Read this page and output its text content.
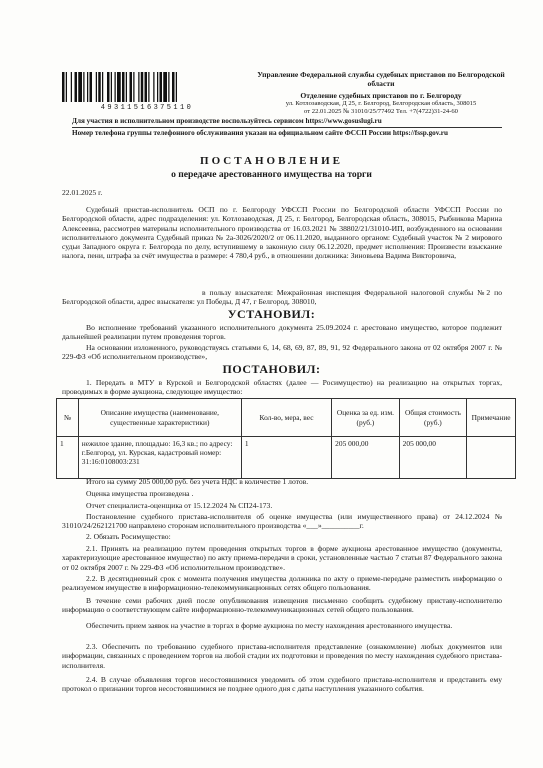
49311516375110
Управление Федеральной службы судебных приставов по Белгородской
области
Отделение судебных приставов по г. Белгороду
ул. Котлозаводская, Д 25, г. Белгород, Белгородская область, 308015
от 22.01.2025 № 31010/25/77492 Тел. +7(4722)31-24-60
Для участия в исполнительном производстве воспользуйтесь сервисом https://www.gosuslugi.ru
Номер телефона группы телефонного обслуживания указан на официальном сайте ФССП России https://fssp.gov.ru
ПОСТАНОВЛЕНИЕ
о передаче арестованного имущества на торги
22.01.2025 г.
Судебный пристав-исполнитель ОСП по г. Белгороду УФССП России по Белгородской области УФССП России по Белгородской области, адрес подразделения: ул. Котлозаводская, Д 25, г. Белгород, Белгородская область, 308015, Рыбникова Марина Алексеевна, рассмотрев материалы исполнительного производства от 16.03.2021 № 38802/21/31010-ИП, возбужденного на основании исполнительного документа Судебный приказ № 2а-3026/2020/2 от 06.11.2020, выданного органом: Судебный участок № 2 мирового судьи Западного округа г. Белгорода по делу, вступившему в законную силу 06.12.2020, предмет исполнения: Произвести взыскание налога, пени, штрафа за счёт имущества в размере: 4 780,4 руб., в отношении должника: Зиновьева Вадима Викторовича,
в пользу взыскателя: Межрайонная инспекция Федеральной налоговой службы №2 по Белгородской области, адрес взыскателя: ул Победы, Д 47, г Белгород, 308010,
УСТАНОВИЛ:
Во исполнение требований указанного исполнительного документа 25.09.2024 г. арестовано имущество, которое подлежит дальнейшей реализации путем проведения торгов.
На основании изложенного, руководствуясь статьями 6, 14, 68, 69, 87, 89, 91, 92 Федерального закона от 02 октября 2007 г. № 229-ФЗ «Об исполнительном производстве»,
ПОСТАНОВИЛ:
1. Передать в МТУ в Курской и Белгородской областях (далее — Росимущество) на реализацию на открытых торгах, проводимых в форме аукциона, следующее имущество:
№	Описание имущества (наименование, существенные характеристики)	Кол-во, мера, вес	Оценка за ед. изм. (руб.)	Общая стоимость (руб.)	Примечание
1	нежилое здание, площадью: 16,3 кв.; по адресу: г.Белгород, ул. Курская, кадастровый номер: 31:16:0108003:231	1	205 000,00	205 000,00	
Итого на сумму 205 000,00 руб. без учета НДС в количестве 1 лотов.
Оценка имущества произведена .
Отчет специалиста-оценщика от 15.12.2024 № СП24-173.
Постановление судебного пристава-исполнителя об оценке имущества (или имущественного права) от 24.12.2024 № 31010/24/262121700 направлено сторонам исполнительного производства «___»__________г.
2. Обязать Росимущество:
2.1. Принять на реализацию путем проведения открытых торгов в форме аукциона арестованное имущество (документы, характеризующие арестованное имущество) по акту приема-передачи в сроки, установленные частью 7 статьи 87 Федерального закона от 02 октября 2007 г. № 229-ФЗ «Об исполнительном производстве».
2.2. В десятидневный срок с момента получения имущества должника по акту о приеме-передаче разместить информацию о реализуемом имуществе в информационно-телекоммуникационных сетях общего пользования.
В течение семи рабочих дней после опубликования извещения письменно сообщить судебному приставу-исполнителю информацию о соответствующем сайте информационно-телекоммуникационных сетей общего пользования.
Обеспечить прием заявок на участие в торгах в форме аукциона по месту нахождения арестованного имущества.
2.3. Обеспечить по требованию судебного пристава-исполнителя представление (ознакомление) любых документов или информации, связанных с проведением торгов на любой стадии их подготовки и проведения по месту нахождения судебного пристава-исполнителя.
2.4. В случае объявления торгов несостоявшимися уведомить об этом судебного пристава-исполнителя и представить ему протокол о признании торгов несостоявшимися не позднее одного дня с даты наступления указанного события.
